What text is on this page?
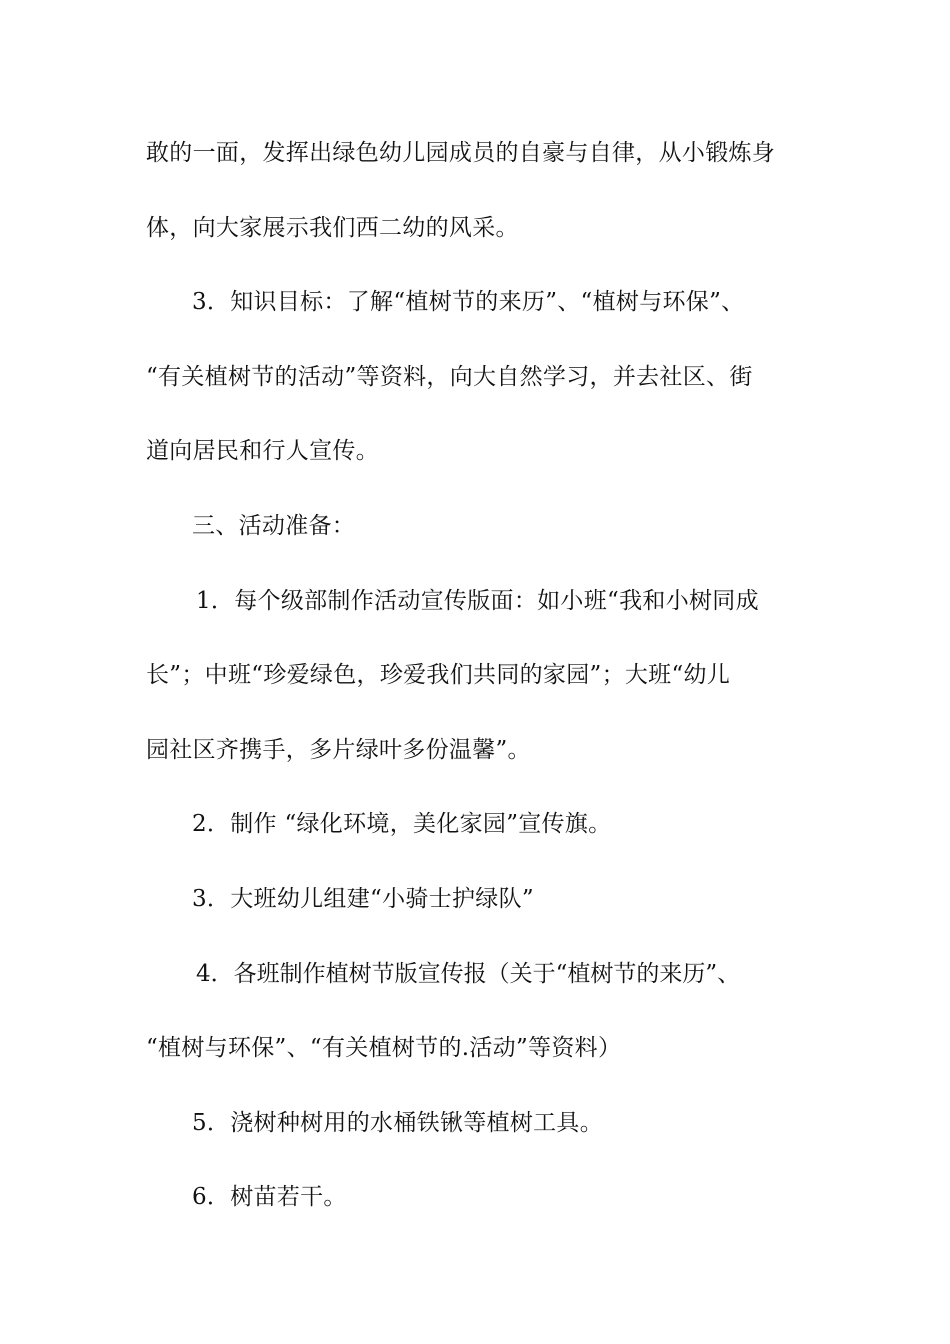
敢的一面，发挥出绿色幼儿园成员的自豪与自律，从小锻炼身
体，向大家展示我们西二幼的风采。
3．知识目标：了解“植树节的来历”、“植树与环保”、
“有关植树节的活动”等资料，向大自然学习，并去社区、街
道向居民和行人宣传。
三、活动准备：
1．每个级部制作活动宣传版面：如小班“我和小树同成
长”；中班“珍爱绿色，珍爱我们共同的家园”；大班“幼儿
园社区齐携手，多片绿叶多份温馨”。
2．制作 “绿化环境，美化家园”宣传旗。
3．大班幼儿组建“小骑士护绿队”
4．各班制作植树节版宣传报（关于“植树节的来历”、
“植树与环保”、“有关植树节的.活动”等资料）
5．浇树种树用的水桶铁锹等植树工具。
6．树苗若干。
